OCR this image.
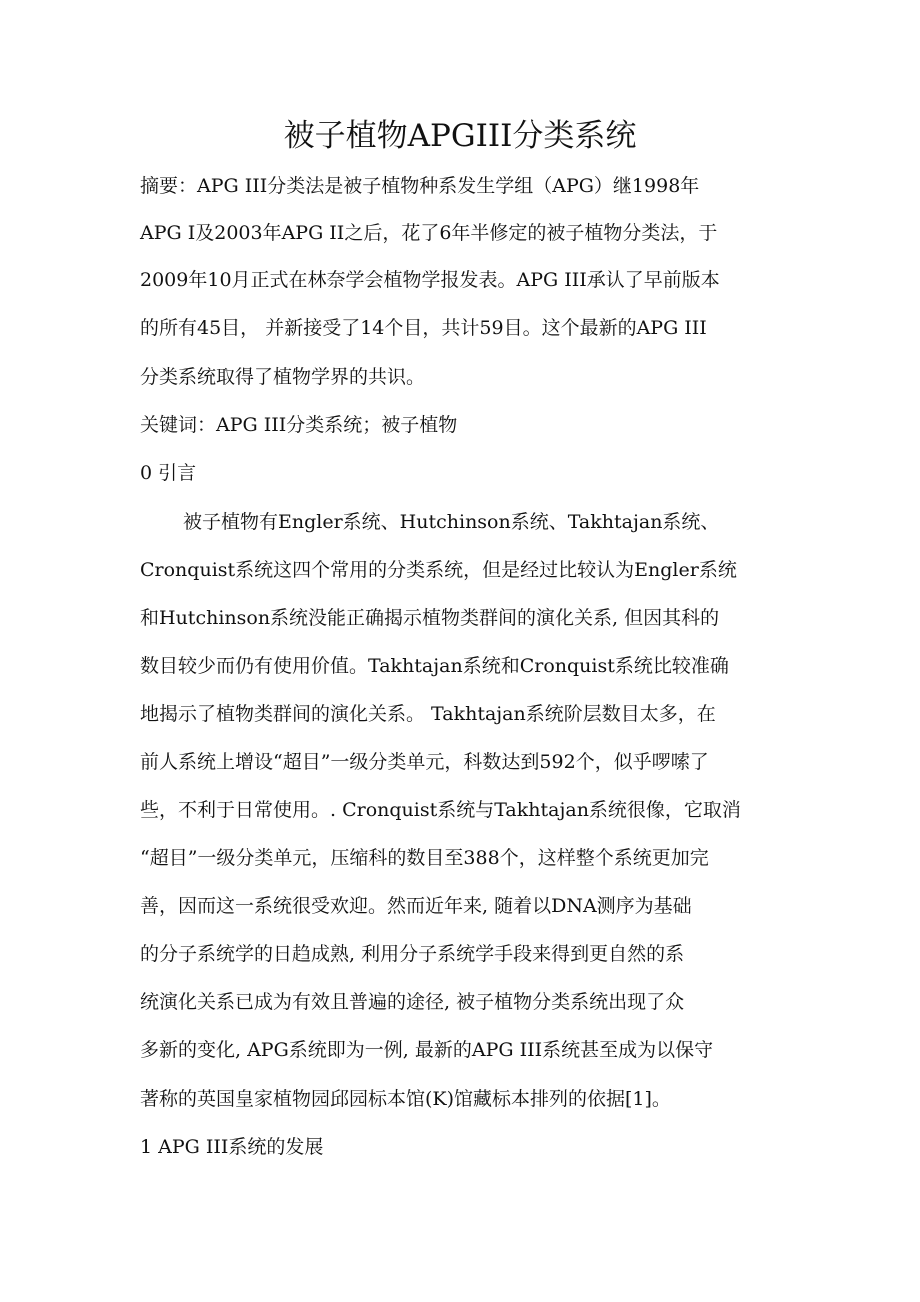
被子植物APGIII分类系统
摘要：APG III分类法是被子植物种系发生学组（APG）继1998年
APG I及2003年APG II之后，花了6年半修定的被子植物分类法，于
2009年10月正式在林奈学会植物学报发表。APG III承认了早前版本
的所有45目， 并新接受了14个目，共计59目。这个最新的APG III
分类系统取得了植物学界的共识。
关键词：APG III分类系统；被子植物
0 引言
被子植物有Engler系统、Hutchinson系统、Takhtajan系统、
Cronquist系统这四个常用的分类系统，但是经过比较认为Engler系统
和Hutchinson系统没能正确揭示植物类群间的演化关系, 但因其科的
数目较少而仍有使用价值。Takhtajan系统和Cronquist系统比较准确
地揭示了植物类群间的演化关系。 Takhtajan系统阶层数目太多，在
前人系统上增设“超目”一级分类单元，科数达到592个，似乎啰嗦了
些，不利于日常使用。. Cronquist系统与Takhtajan系统很像，它取消
“超目”一级分类单元，压缩科的数目至388个，这样整个系统更加完
善，因而这一系统很受欢迎。然而近年来, 随着以DNA测序为基础
的分子系统学的日趋成熟, 利用分子系统学手段来得到更自然的系
统演化关系已成为有效且普遍的途径, 被子植物分类系统出现了众
多新的变化, APG系统即为一例, 最新的APG III系统甚至成为以保守
著称的英国皇家植物园邱园标本馆(K)馆藏标本排列的依据[1]。
1 APG III系统的发展
